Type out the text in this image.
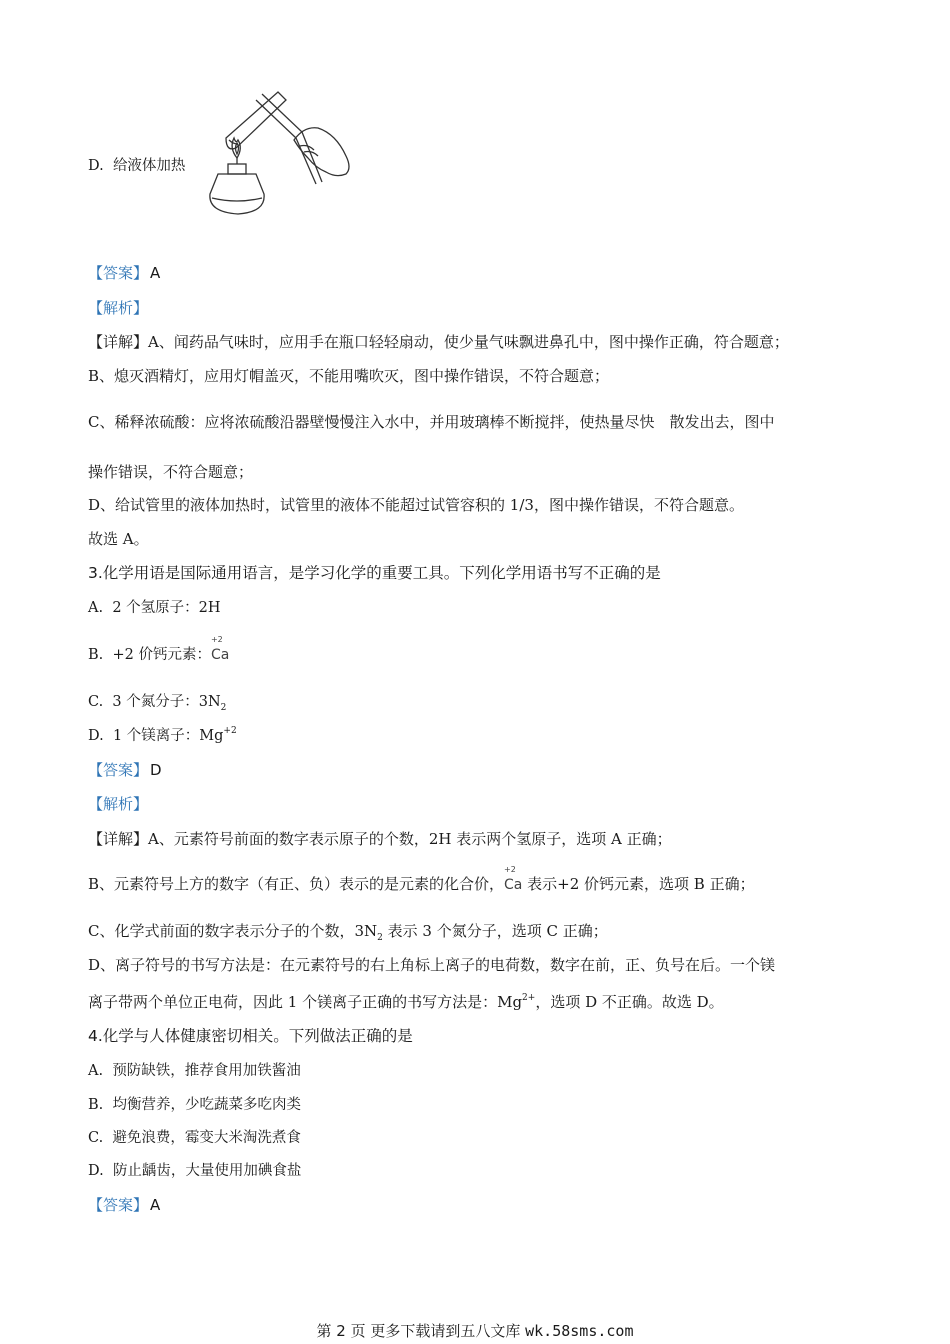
D. 给液体加热
【答案】 A
【解析】
【详解】A、闻药品气味时，应用手在瓶口轻轻扇动，使少量气味飘进鼻孔中，图中操作正确，符合题意；
B、熄灭酒精灯，应用灯帽盖灭，不能用嘴吹灭，图中操作错误，不符合题意；
C、稀释浓硫酸：应将浓硫酸沿器壁慢慢注入水中，并用玻璃棒不断搅拌，使热量尽快　散发出去，图中
操作错误，不符合题意；
D、给试管里的液体加热时，试管里的液体不能超过试管容积的 1/3，图中操作错误，不符合题意。
故选 A。
3.化学用语是国际通用语言，是学习化学的重要工具。下列化学用语书写不正确的是
A. 2 个氢原子：2H
B. +2 价钙元素：
+2
Ca
C. 3 个氮分子：$3N_2$
D. 1 个镁离子：$Mg^{+2}$
【答案】 D
【解析】
【详解】A、元素符号前面的数字表示原子的个数，2H 表示两个氢原子，选项 A 正确；
B、元素符号上方的数字（有正、负）表示的是元素的化合价，
+2
Ca 表示+2 价钙元素，选项 B 正确；
C、化学式前面的数字表示分子的个数，$3N_2$ 表示 3 个氮分子，选项 C 正确；
D、离子符号的书写方法是：在元素符号的右上角标上离子的电荷数，数字在前，正、负号在后。一个镁
离子带两个单位正电荷，因此 1 个镁离子正确的书写方法是：$Mg^{2+}$，选项 D 不正确。故选 D。
4.化学与人体健康密切相关。下列做法正确的是
A. 预防缺铁，推荐食用加铁酱油
B. 均衡营养，少吃蔬菜多吃肉类
C. 避免浪费，霉变大米淘洗煮食
D. 防止龋齿，大量使用加碘食盐
【答案】 A
第 2 页 更多下载请到五八文库 wk.58sms.com
